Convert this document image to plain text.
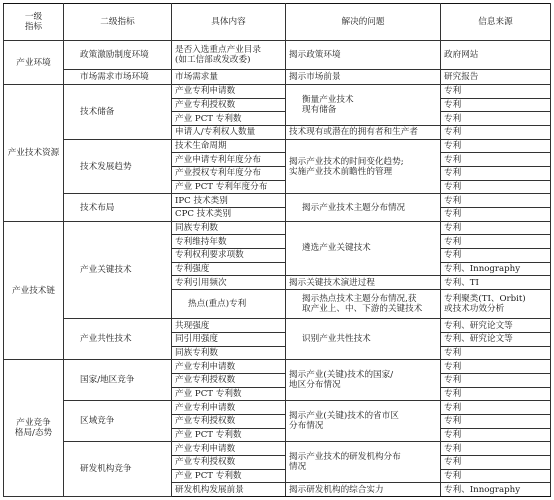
一级
指标	二级指标	具体内容	解决的问题	信息来源
产业环境	政策激励制度环境	是否入选重点产业目录
(如工信部或发改委)	揭示政策环境	政府网站
	市场需求市场环境	市场需求量	揭示市场前景	研究报告
产业技术资源	技术储备	产业专利申请数	衡量产业技术
现有储备	专利
		产业专利授权数		专利
		产业 PCT 专利数		专利
		申请人/专利权人数量	技术现有或潜在的拥有者和生产者	专利
	技术发展趋势	技术生命周期	揭示产业技术的时间变化趋势;
实施产业技术前瞻性的管理	专利
		产业申请专利年度分布		专利
		产业授权专利年度分布		专利
		产业 PCT 专利年度分布		专利
	技术布局	IPC 技术类别	揭示产业技术主题分布情况	专利
		CPC 技术类别		专利
产业技术链	产业关键技术	同族专利数	遴选产业关键技术	专利
		专利维持年数		专利
		专利权利要求项数		专利
		专利强度		专利、Innography
		专利引用频次	揭示关键技术演进过程	专利、TI
		热点(重点)专利	揭示热点技术主题分布情况,获
取产业上、中、下游的关键技术	专利聚类(TI、Orbit)
或技术功效分析
	产业共性技术	共现强度	识别产业共性技术	专利、研究论文等
		同引用强度		专利、研究论文等
		同族专利数		专利
产业竞争
格局/态势	国家/地区竞争	产业专利申请数	揭示产业(关键)技术的国家/
地区分布情况	专利
		产业专利授权数		专利
		产业 PCT 专利数		专利
	区域竞争	产业专利申请数	揭示产业(关键)技术的省市区
分布情况	专利
		产业专利授权数		专利
		产业 PCT 专利数		专利
	研发机构竞争	产业专利申请数	揭示产业技术的研发机构分布
情况	专利
		产业专利授权数		专利
		产业 PCT 专利数		专利
		研发机构发展前景	揭示研发机构的综合实力	专利、Innography
